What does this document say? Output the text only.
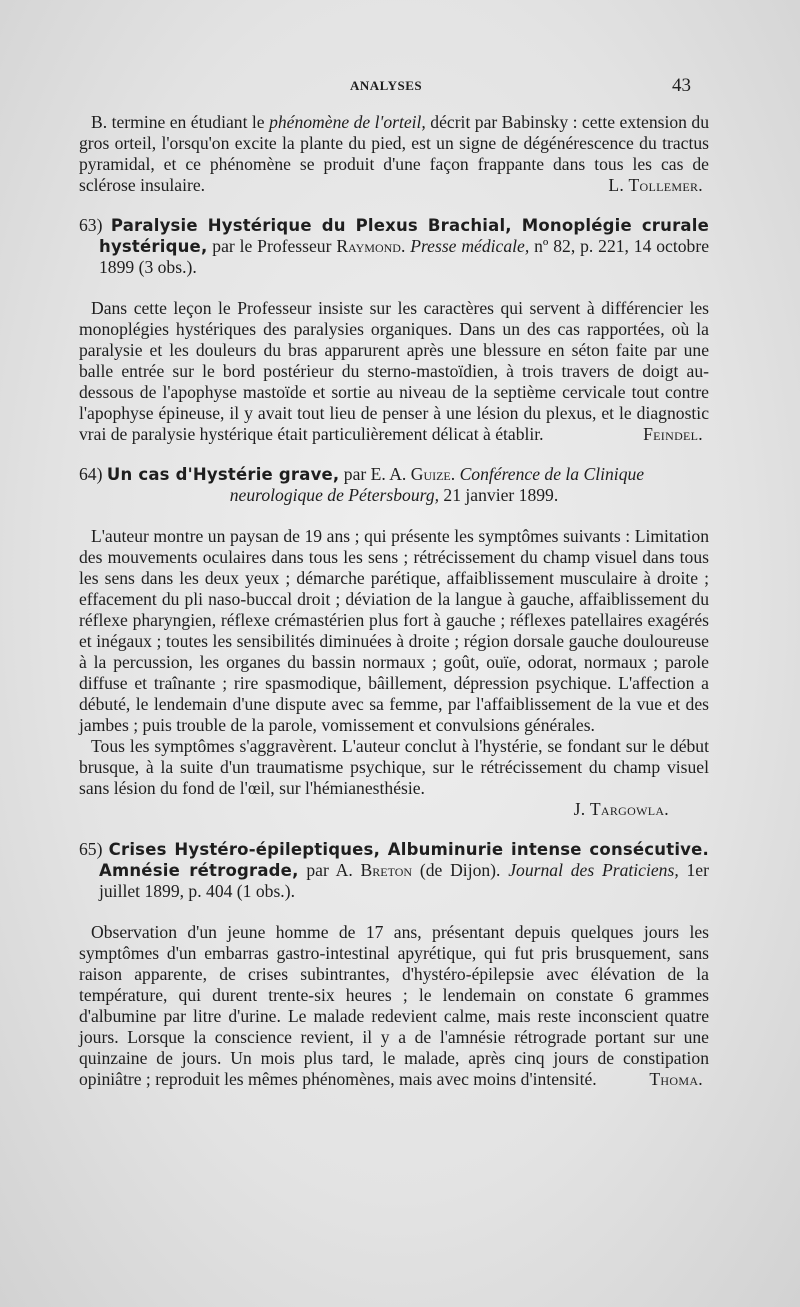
ANALYSES	43

B. termine en étudiant le phénomène de l'orteil, décrit par Babinsky : cette extension du gros orteil, l'orsqu'on excite la plante du pied, est un signe de dégénérescence du tractus pyramidal, et ce phénomène se produit d'une façon frappante dans tous les cas de sclérose insulaire.	L. Tollemer.

63) Paralysie Hystérique du Plexus Brachial, Monoplégie crurale hystérique, par le Professeur Raymond. Presse médicale, nº 82, p. 221, 14 octobre 1899 (3 obs.).

Dans cette leçon le Professeur insiste sur les caractères qui servent à différencier les monoplégies hystériques des paralysies organiques. Dans un des cas rapportées, où la paralysie et les douleurs du bras apparurent après une blessure en séton faite par une balle entrée sur le bord postérieur du sterno-mastoïdien, à trois travers de doigt au-dessous de l'apophyse mastoïde et sortie au niveau de la septième cervicale tout contre l'apophyse épineuse, il y avait tout lieu de penser à une lésion du plexus, et le diagnostic vrai de paralysie hystérique était particulièrement délicat à établir.	Feindel.

64) Un cas d'Hystérie grave, par E. A. Guize. Conférence de la Clinique

neurologique de Pétersbourg, 21 janvier 1899.

L'auteur montre un paysan de 19 ans ; qui présente les symptômes suivants : Limitation des mouvements oculaires dans tous les sens ; rétrécissement du champ visuel dans tous les sens dans les deux yeux ; démarche parétique, affaiblissement musculaire à droite ; effacement du pli naso-buccal droit ; déviation de la langue à gauche, affaiblissement du réflexe pharyngien, réflexe crémastérien plus fort à gauche ; réflexes patellaires exagérés et inégaux ; toutes les sensibilités diminuées à droite ; région dorsale gauche douloureuse à la percussion, les organes du bassin normaux ; goût, ouïe, odorat, normaux ; parole diffuse et traînante ; rire spasmodique, bâillement, dépression psychique. L'affection a débuté, le lendemain d'une dispute avec sa femme, par l'affaiblissement de la vue et des jambes ; puis trouble de la parole, vomissement et convulsions générales.

Tous les symptômes s'aggravèrent. L'auteur conclut à l'hystérie, se fondant sur le début brusque, à la suite d'un traumatisme psychique, sur le rétrécissement du champ visuel sans lésion du fond de l'œil, sur l'hémianesthésie.

J. Targowla.

65) Crises Hystéro-épileptiques, Albuminurie intense consécutive. Amnésie rétrograde, par A. Breton (de Dijon). Journal des Praticiens, 1er juillet 1899, p. 404 (1 obs.).

Observation d'un jeune homme de 17 ans, présentant depuis quelques jours les symptômes d'un embarras gastro-intestinal apyrétique, qui fut pris brusquement, sans raison apparente, de crises subintrantes, d'hystéro-épilepsie avec élévation de la température, qui durent trente-six heures ; le lendemain on constate 6 grammes d'albumine par litre d'urine. Le malade redevient calme, mais reste inconscient quatre jours. Lorsque la conscience revient, il y a de l'amnésie rétrograde portant sur une quinzaine de jours. Un mois plus tard, le malade, après cinq jours de constipation opiniâtre ; reproduit les mêmes phénomènes, mais avec moins d'intensité.	Thoma.
